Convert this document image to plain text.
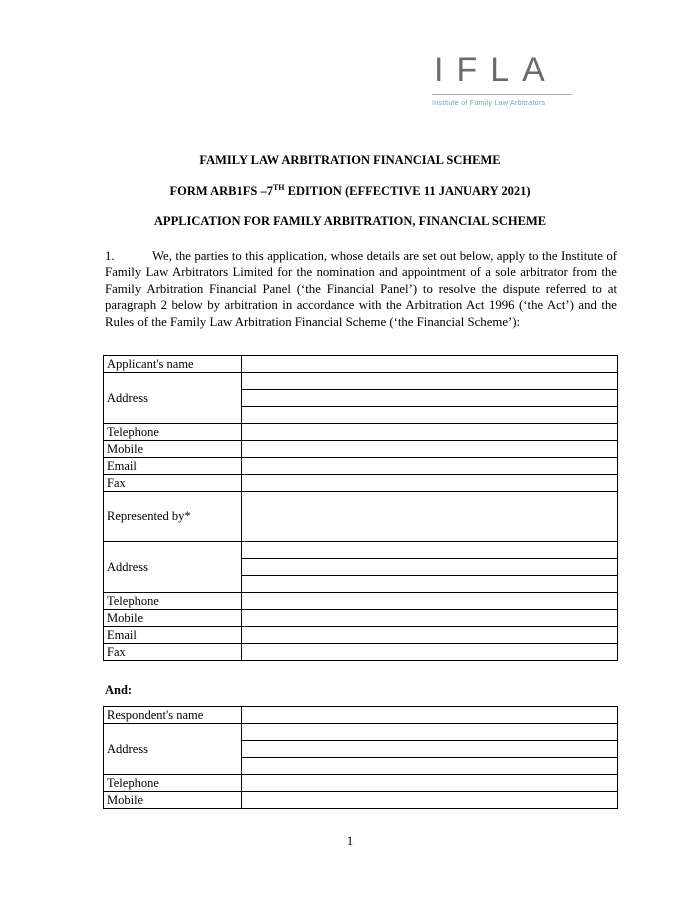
IFLA
Institute of Family Law Arbitrators
FAMILY LAW ARBITRATION FINANCIAL SCHEME
FORM ARB1FS –7TH EDITION (EFFECTIVE 11 JANUARY 2021)
APPLICATION FOR FAMILY ARBITRATION, FINANCIAL SCHEME
1.	We, the parties to this application, whose details are set out below, apply to the Institute of Family Law Arbitrators Limited for the nomination and appointment of a sole arbitrator from the Family Arbitration Financial Panel (‘the Financial Panel’) to resolve the dispute referred to at paragraph 2 below by arbitration in accordance with the Arbitration Act 1996 (‘the Act’) and the Rules of the Family Law Arbitration Financial Scheme (‘the Financial Scheme’):
Applicant's name	
Address	

Telephone	
Mobile	
Email	
Fax	
Represented by*	
Address	

Telephone	
Mobile	
Email	
Fax	
And:
Respondent's name	
Address	

Telephone	
Mobile	
1
